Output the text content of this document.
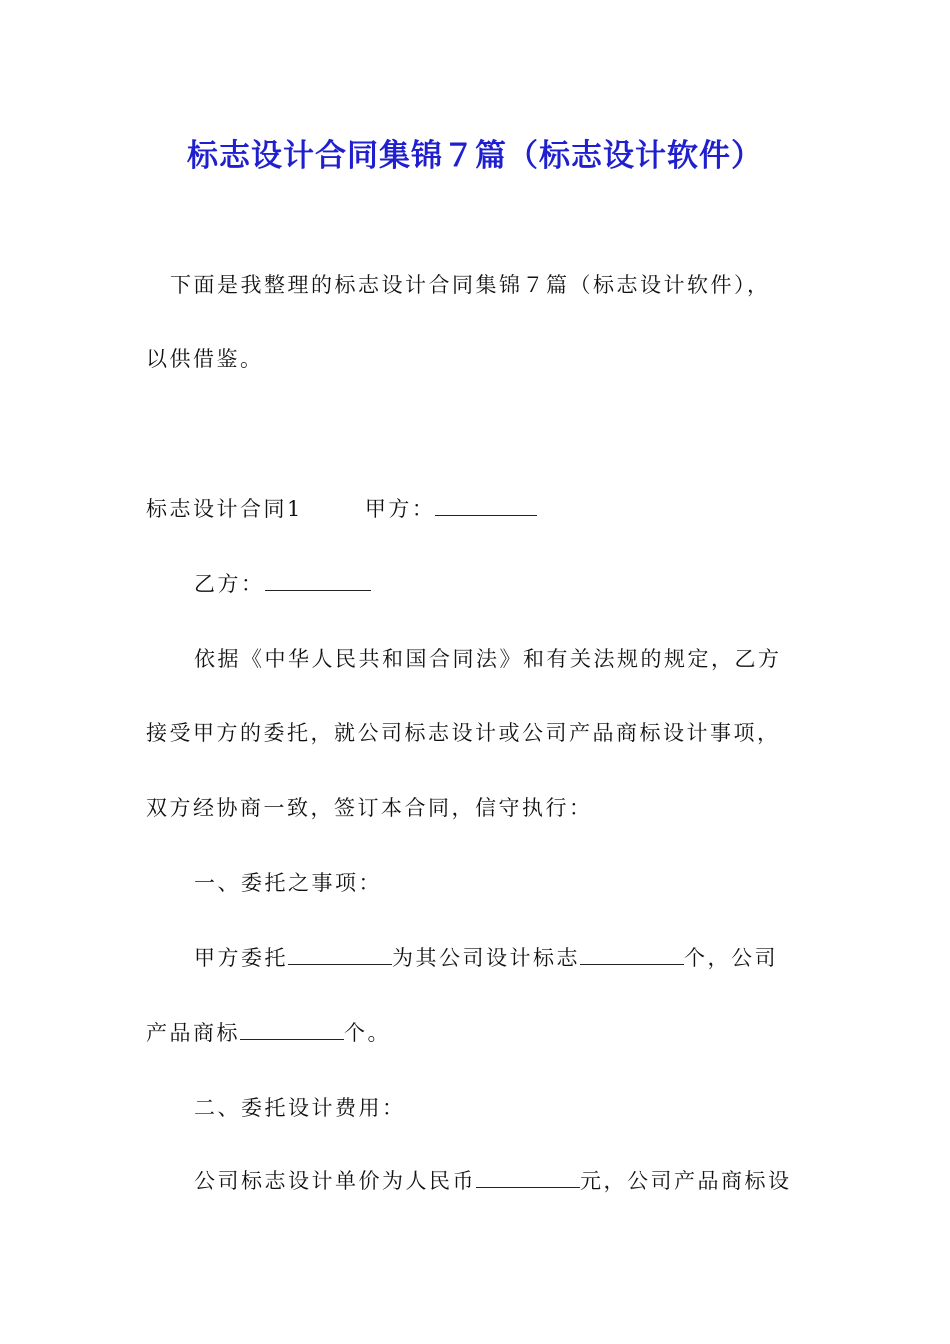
标志设计合同集锦７篇（标志设计软件）
下面是我整理的标志设计合同集锦７篇（标志设计软件），
以供借鉴。
标志设计合同1	甲方：
乙方：
依据《中华人民共和国合同法》和有关法规的规定，乙方
接受甲方的委托，就公司标志设计或公司产品商标设计事项，
双方经协商一致，签订本合同，信守执行：
一、委托之事项：
甲方委托	为其公司设计标志	个，公司
产品商标	个。
二、委托设计费用：
公司标志设计单价为人民币	元，公司产品商标设
